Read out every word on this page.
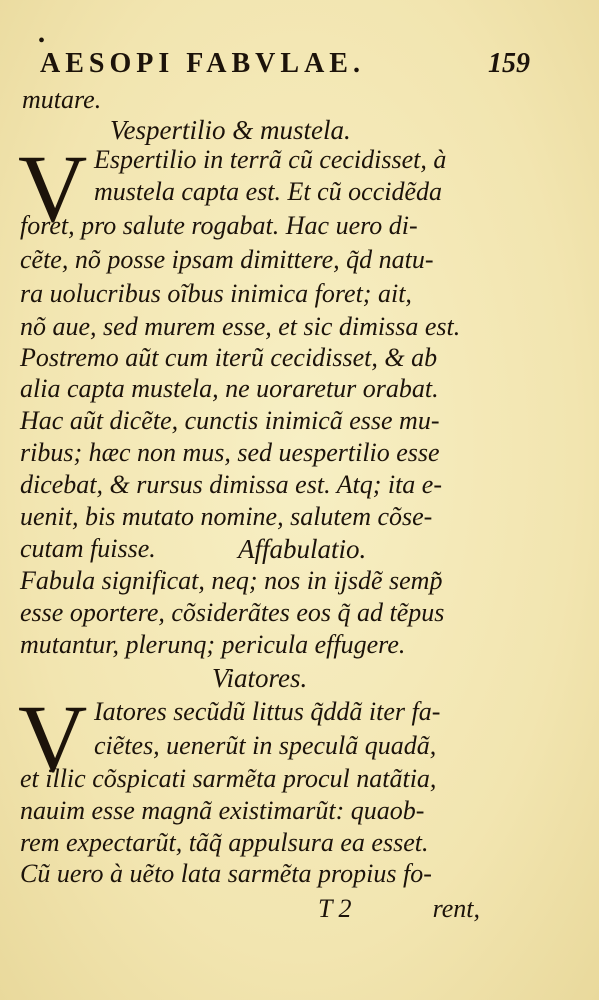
•
AESOPI FABVLAE.	159
mutare.
Vespertilio & mustela.
V Espertilio in terrã cũ cecidisset, à
mustela capta est. Et cũ occidẽda
foret, pro salute rogabat. Hac uero di-
cẽte, nõ posse ipsam dimittere, q̃d natu-
ra uolucribus oĩbus inimica foret; ait,
nõ aue, sed murem esse, et sic dimissa est.
Postremo aũt cum iterũ cecidisset, & ab
alia capta mustela, ne uoraretur orabat.
Hac aũt dicẽte, cunctis inimicã esse mu-
ribus; hæc non mus, sed uespertilio esse
dicebat, & rursus dimissa est. Atq; ita e-
uenit, bis mutato nomine, salutem cõse-
cutam fuisse.	Affabulatio.
Fabula significat, neq; nos in ijsdẽ semp̃
esse oportere, cõsiderãtes eos q̃ ad tẽpus
mutantur, plerunq; pericula effugere.
Viatores.
V Iatores secũdũ littus q̃ddã iter fa-
ciẽtes, uenerũt in speculã quadã,
et illic cõspicati sarmẽta procul natãtia,
nauim esse magnã existimarũt: quaob-
rem expectarũt, tãq̃ appulsura ea esset.
Cũ uero à uẽto lata sarmẽta propius fo-
T 2	rent,
